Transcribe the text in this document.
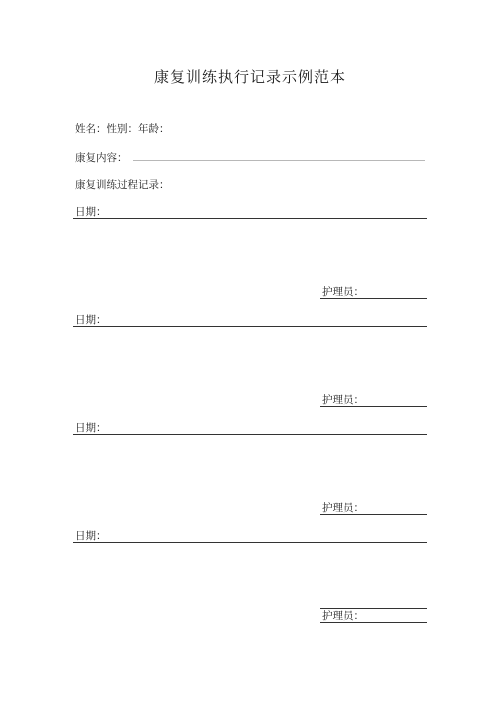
康复训练执行记录示例范本
姓名：性别：年龄：
康复内容：
康复训练过程记录：
日期：
护理员：
日期：
护理员：
日期：
护理员：
日期：
护理员：
